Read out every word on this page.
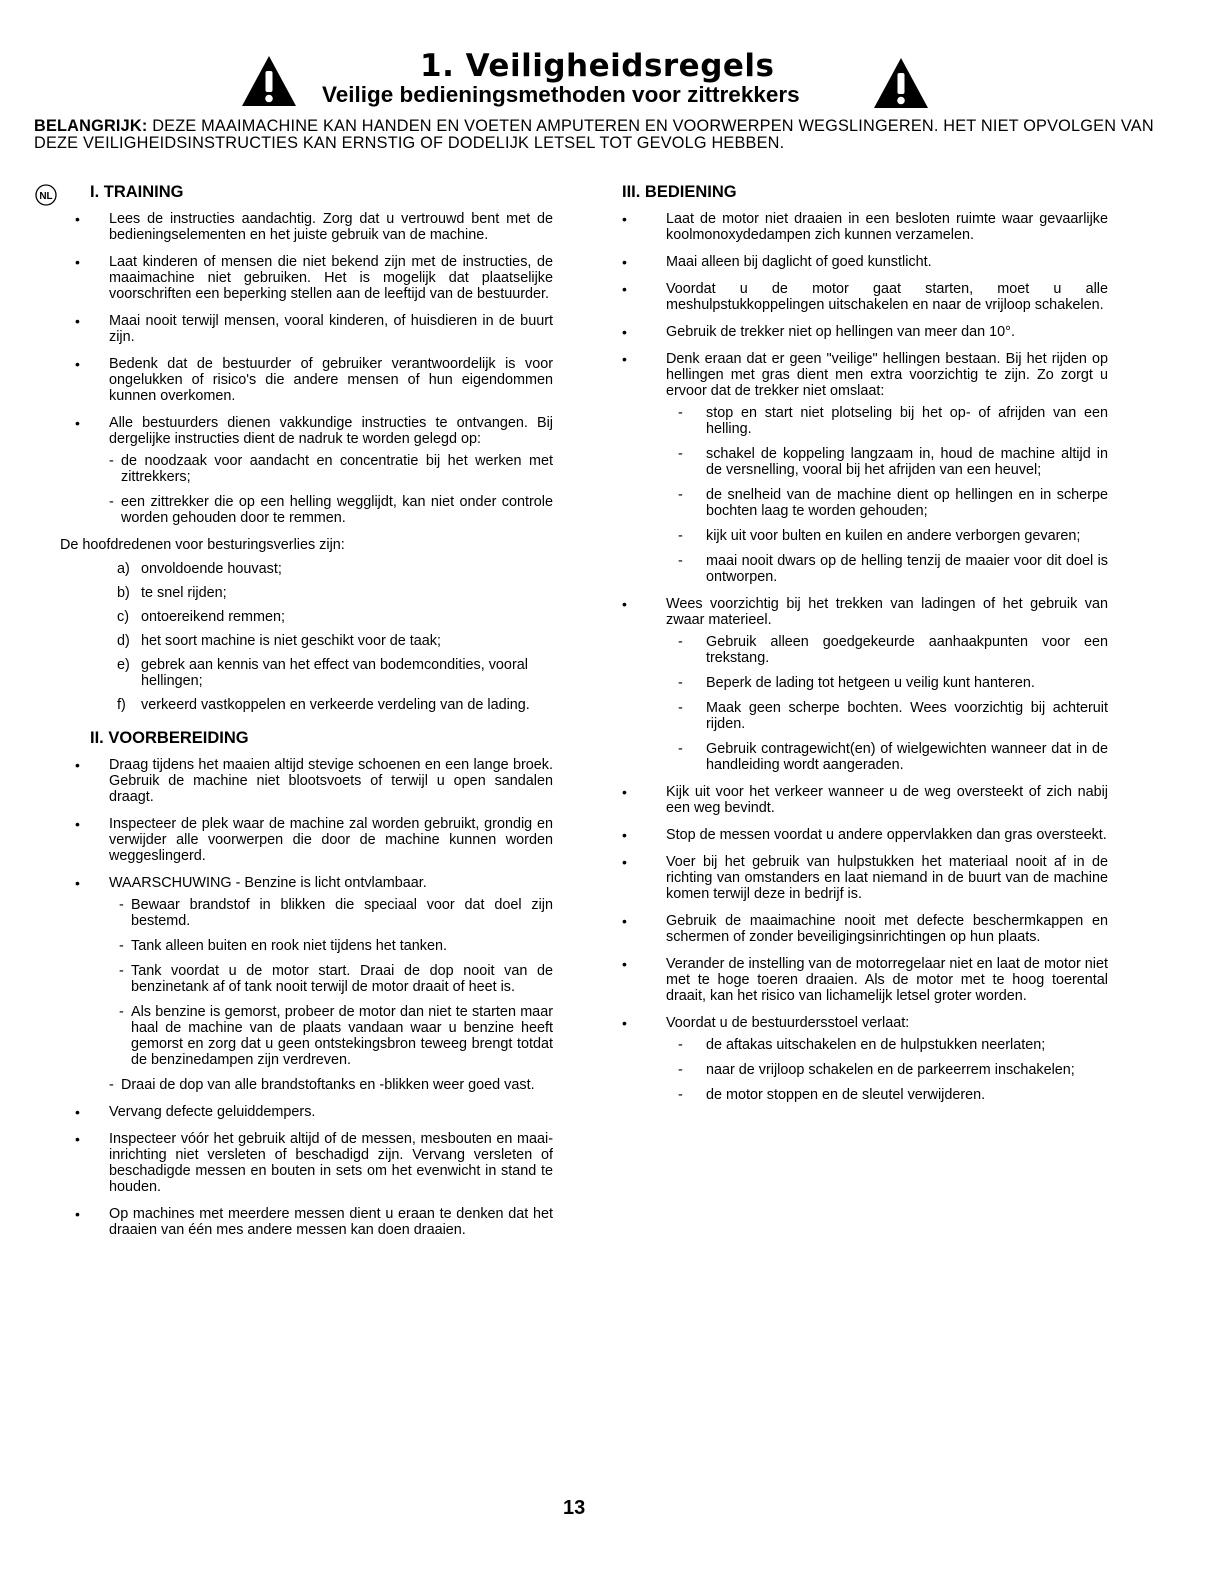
1. Veiligheidsregels
Veilige bedieningsmethoden voor zittrekkers
BELANGRIJK: DEZE MAAIMACHINE KAN HANDEN EN VOETEN AMPUTEREN EN VOORWERPEN WEGSLINGEREN. HET NIET OPVOLGEN VAN DEZE VEILIGHEIDSINSTRUCTIES KAN ERNSTIG OF DODELIJK LETSEL TOT GEVOLG HEBBEN.
NL I. TRAINING
• Lees de instructies aandachtig. Zorg dat u vertrouwd bent met de bedieningselementen en het juiste gebruik van de machine.
• Laat kinderen of mensen die niet bekend zijn met de instructies, de maaimachine niet gebruiken. Het is mogelijk dat plaatselijke voorschriften een beperking stellen aan de leeftijd van de bestuurder.
• Maai nooit terwijl mensen, vooral kinderen, of huisdieren in de buurt zijn.
• Bedenk dat de bestuurder of gebruiker verantwoordelijk is voor ongelukken of risico's die andere mensen of hun eigendommen kunnen overkomen.
• Alle bestuurders dienen vakkundige instructies te ontvangen. Bij dergelijke instructies dient de nadruk te worden gelegd op:
- de noodzaak voor aandacht en concentratie bij het werken met zittrekkers;
- een zittrekker die op een helling wegglijdt, kan niet onder controle worden gehouden door te remmen.
De hoofdredenen voor besturingsverlies zijn:
a) onvoldoende houvast;
b) te snel rijden;
c) ontoereikend remmen;
d) het soort machine is niet geschikt voor de taak;
e) gebrek aan kennis van het effect van bodemcondities, vooral hellingen;
f) verkeerd vastkoppelen en verkeerde verdeling van de lading.
II. VOORBEREIDING
• Draag tijdens het maaien altijd stevige schoenen en een lange broek. Gebruik de machine niet blootsvoets of terwijl u open sandalen draagt.
• Inspecteer de plek waar de machine zal worden gebruikt, grondig en verwijder alle voorwerpen die door de machine kunnen worden weggeslingerd.
• WAARSCHUWING - Benzine is licht ontvlambaar.
- Bewaar brandstof in blikken die speciaal voor dat doel zijn bestemd.
- Tank alleen buiten en rook niet tijdens het tanken.
- Tank voordat u de motor start. Draai de dop nooit van de benzinetank af of tank nooit terwijl de motor draait of heet is.
- Als benzine is gemorst, probeer de motor dan niet te starten maar haal de machine van de plaats vandaan waar u benzine heeft gemorst en zorg dat u geen ontstekingsbron teweeg brengt totdat de benzinedampen zijn verdreven.
- Draai de dop van alle brandstoftanks en -blikken weer goed vast.
• Vervang defecte geluiddempers.
• Inspecteer vóór het gebruik altijd of de messen, mesbouten en maai-inrichting niet versleten of beschadigd zijn. Vervang versleten of beschadigde messen en bouten in sets om het evenwicht in stand te houden.
• Op machines met meerdere messen dient u eraan te denken dat het draaien van één mes andere messen kan doen draaien.
III. BEDIENING
• Laat de motor niet draaien in een besloten ruimte waar gevaarlijke koolmonoxydedampen zich kunnen verzamelen.
• Maai alleen bij daglicht of goed kunstlicht.
• Voordat u de motor gaat starten, moet u alle meshulpstukkoppelingen uitschakelen en naar de vrijloop schakelen.
• Gebruik de trekker niet op hellingen van meer dan 10°.
• Denk eraan dat er geen "veilige" hellingen bestaan. Bij het rijden op hellingen met gras dient men extra voorzichtig te zijn. Zo zorgt u ervoor dat de trekker niet omslaat:
- stop en start niet plotseling bij het op- of afrijden van een helling.
- schakel de koppeling langzaam in, houd de machine altijd in de versnelling, vooral bij het afrijden van een heuvel;
- de snelheid van de machine dient op hellingen en in scherpe bochten laag te worden gehouden;
- kijk uit voor bulten en kuilen en andere verborgen gevaren;
- maai nooit dwars op de helling tenzij de maaier voor dit doel is ontworpen.
• Wees voorzichtig bij het trekken van ladingen of het gebruik van zwaar materieel.
- Gebruik alleen goedgekeurde aanhaakpunten voor een trekstang.
- Beperk de lading tot hetgeen u veilig kunt hanteren.
- Maak geen scherpe bochten. Wees voorzichtig bij achteruit rijden.
- Gebruik contragewicht(en) of wielgewichten wanneer dat in de handleiding wordt aangeraden.
• Kijk uit voor het verkeer wanneer u de weg oversteekt of zich nabij een weg bevindt.
• Stop de messen voordat u andere oppervlakken dan gras oversteekt.
• Voer bij het gebruik van hulpstukken het materiaal nooit af in de richting van omstanders en laat niemand in de buurt van de machine komen terwijl deze in bedrijf is.
• Gebruik de maaimachine nooit met defecte beschermkappen en schermen of zonder beveiligingsinrichtingen op hun plaats.
• Verander de instelling van de motorregelaar niet en laat de motor niet met te hoge toeren draaien. Als de motor met te hoog toerental draait, kan het risico van lichamelijk letsel groter worden.
• Voordat u de bestuurdersstoel verlaat:
- de aftakas uitschakelen en de hulpstukken neerlaten;
- naar de vrijloop schakelen en de parkeerrem inschakelen;
- de motor stoppen en de sleutel verwijderen.
13
